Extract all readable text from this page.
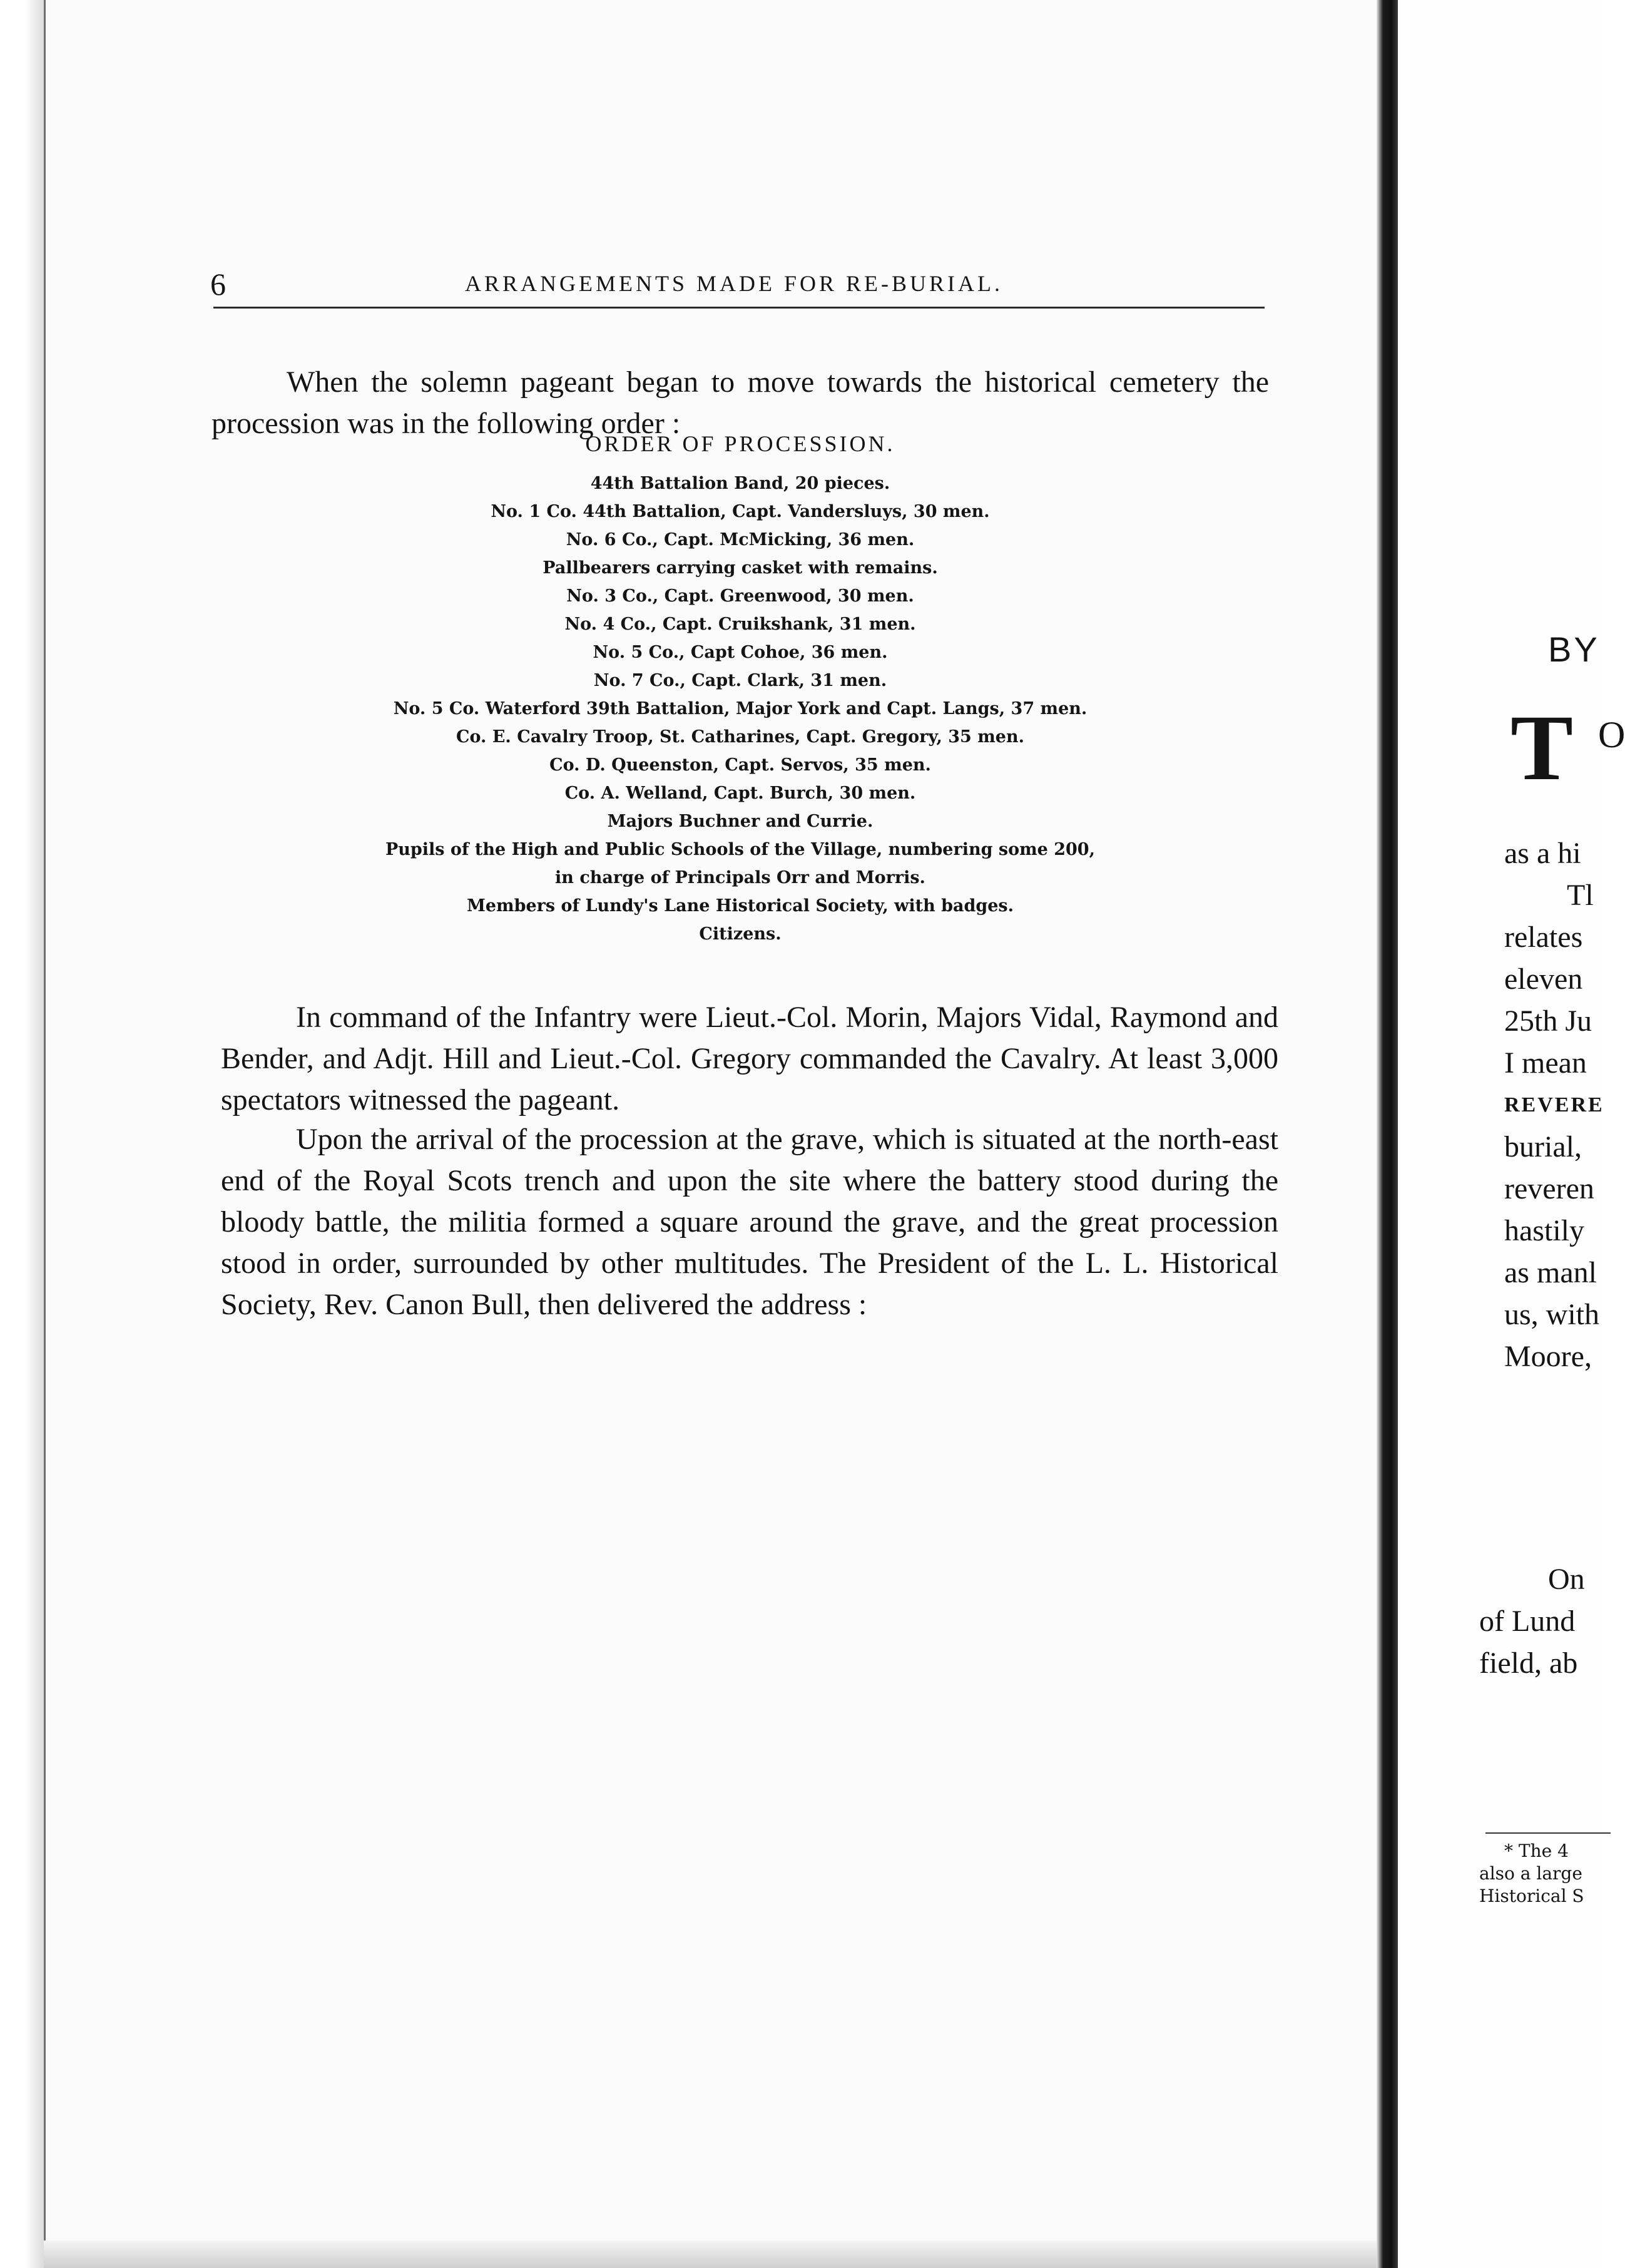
6	ARRANGEMENTS MADE FOR RE-BURIAL.

When the solemn pageant began to move towards the historical cemetery the procession was in the following order :

ORDER OF PROCESSION.
44th Battalion Band, 20 pieces.
No. 1 Co. 44th Battalion, Capt. Vandersluys, 30 men.
No. 6 Co., Capt. McMicking, 36 men.
Pallbearers carrying casket with remains.
No. 3 Co., Capt. Greenwood, 30 men.
No. 4 Co., Capt. Cruikshank, 31 men.
No. 5 Co., Capt Cohoe, 36 men.
No. 7 Co., Capt. Clark, 31 men.
No. 5 Co. Waterford 39th Battalion, Major York and Capt. Langs, 37 men.
Co. E. Cavalry Troop, St. Catharines, Capt. Gregory, 35 men.
Co. D. Queenston, Capt. Servos, 35 men.
Co. A. Welland, Capt. Burch, 30 men.
Majors Buchner and Currie.
Pupils of the High and Public Schools of the Village, numbering some 200,
in charge of Principals Orr and Morris.
Members of Lundy's Lane Historical Society, with badges.
Citizens.

In command of the Infantry were Lieut.-Col. Morin, Majors Vidal, Raymond and Bender, and Adjt. Hill and Lieut.-Col. Gregory commanded the Cavalry. At least 3,000 spectators witnessed the pageant.

Upon the arrival of the procession at the grave, which is situated at the north-east end of the Royal Scots trench and upon the site where the battery stood during the bloody battle, the militia formed a square around the grave, and the great procession stood in order, surrounded by other multitudes. The President of the L. L. Historical Society, Rev. Canon Bull, then delivered the address :

BY
T O
as a hi
Tl
relates
eleven
25th Ju
I mean
REVERE
burial,
reveren
hastily
as manl
us, with
Moore,
On
of Lund
field, ab
* The 4
also a large
Historical S
